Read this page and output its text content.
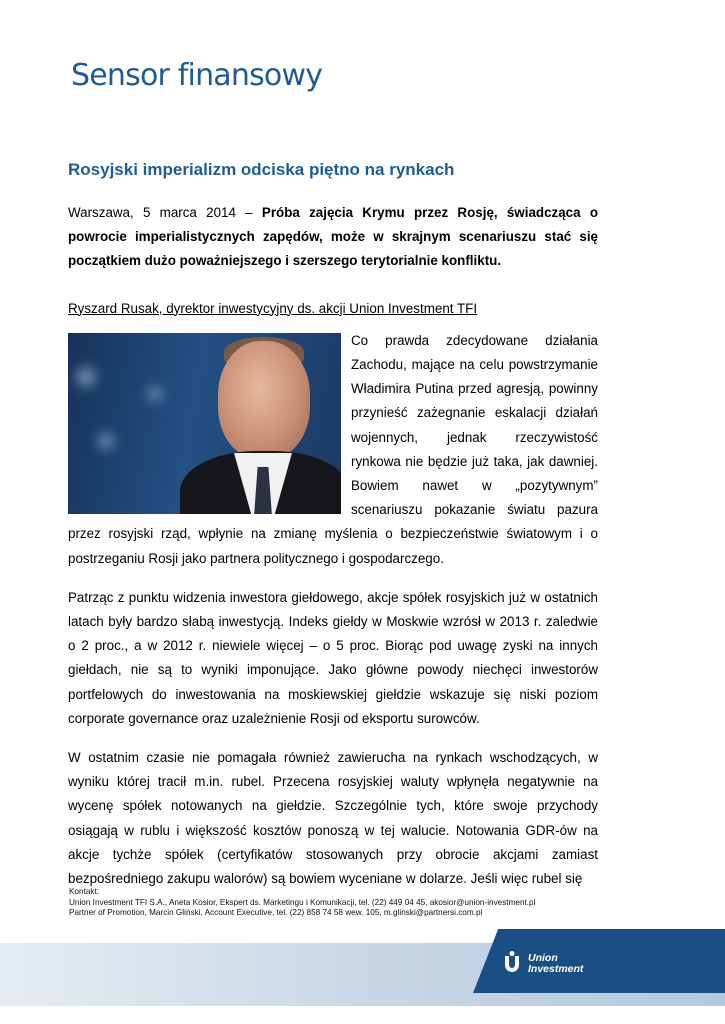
Sensor finansowy
Rosyjski imperializm odciska piętno na rynkach

Warszawa, 5 marca 2014 – Próba zajęcia Krymu przez Rosję, świadcząca o powrocie imperialistycznych zapędów, może w skrajnym scenariuszu stać się początkiem dużo poważniejszego i szerszego terytorialnie konfliktu.

Ryszard Rusak, dyrektor inwestycyjny ds. akcji Union Investment TFI

Co prawda zdecydowane działania Zachodu, mające na celu powstrzymanie Władimira Putina przed agresją, powinny przynieść zażegnanie eskalacji działań wojennych, jednak rzeczywistość rynkowa nie będzie już taka, jak dawniej. Bowiem nawet w „pozytywnym” scenariuszu pokazanie światu pazura przez rosyjski rząd, wpłynie na zmianę myślenia o bezpieczeństwie światowym i o postrzeganiu Rosji jako partnera politycznego i gospodarczego.

Patrząc z punktu widzenia inwestora giełdowego, akcje spółek rosyjskich już w ostatnich latach były bardzo słabą inwestycją. Indeks giełdy w Moskwie wzrósł w 2013 r. zaledwie o 2 proc., a w 2012 r. niewiele więcej – o 5 proc. Biorąc pod uwagę zyski na innych giełdach, nie są to wyniki imponujące. Jako główne powody niechęci inwestorów portfelowych do inwestowania na moskiewskiej giełdzie wskazuje się niski poziom corporate governance oraz uzależnienie Rosji od eksportu surowców.

W ostatnim czasie nie pomagała również zawierucha na rynkach wschodzących, w wyniku której tracił m.in. rubel. Przecena rosyjskiej waluty wpłynęła negatywnie na wycenę spółek notowanych na giełdzie. Szczególnie tych, które swoje przychody osiągają w rublu i większość kosztów ponoszą w tej walucie. Notowania GDR-ów na akcje tychże spółek (certyfikatów stosowanych przy obrocie akcjami zamiast bezpośredniego zakupu walorów) są bowiem wyceniane w dolarze. Jeśli więc rubel się

Kontakt:
Union Investment TFI S.A., Aneta Kosior, Ekspert ds. Marketingu i Komunikacji, tel. (22) 449 04 45, akosior@union-investment.pl
Partner of Promotion, Marcin Gliński, Account Executive, tel. (22) 858 74 58 wew. 105, m.glinski@partnersi.com.pl
Union
Investment
